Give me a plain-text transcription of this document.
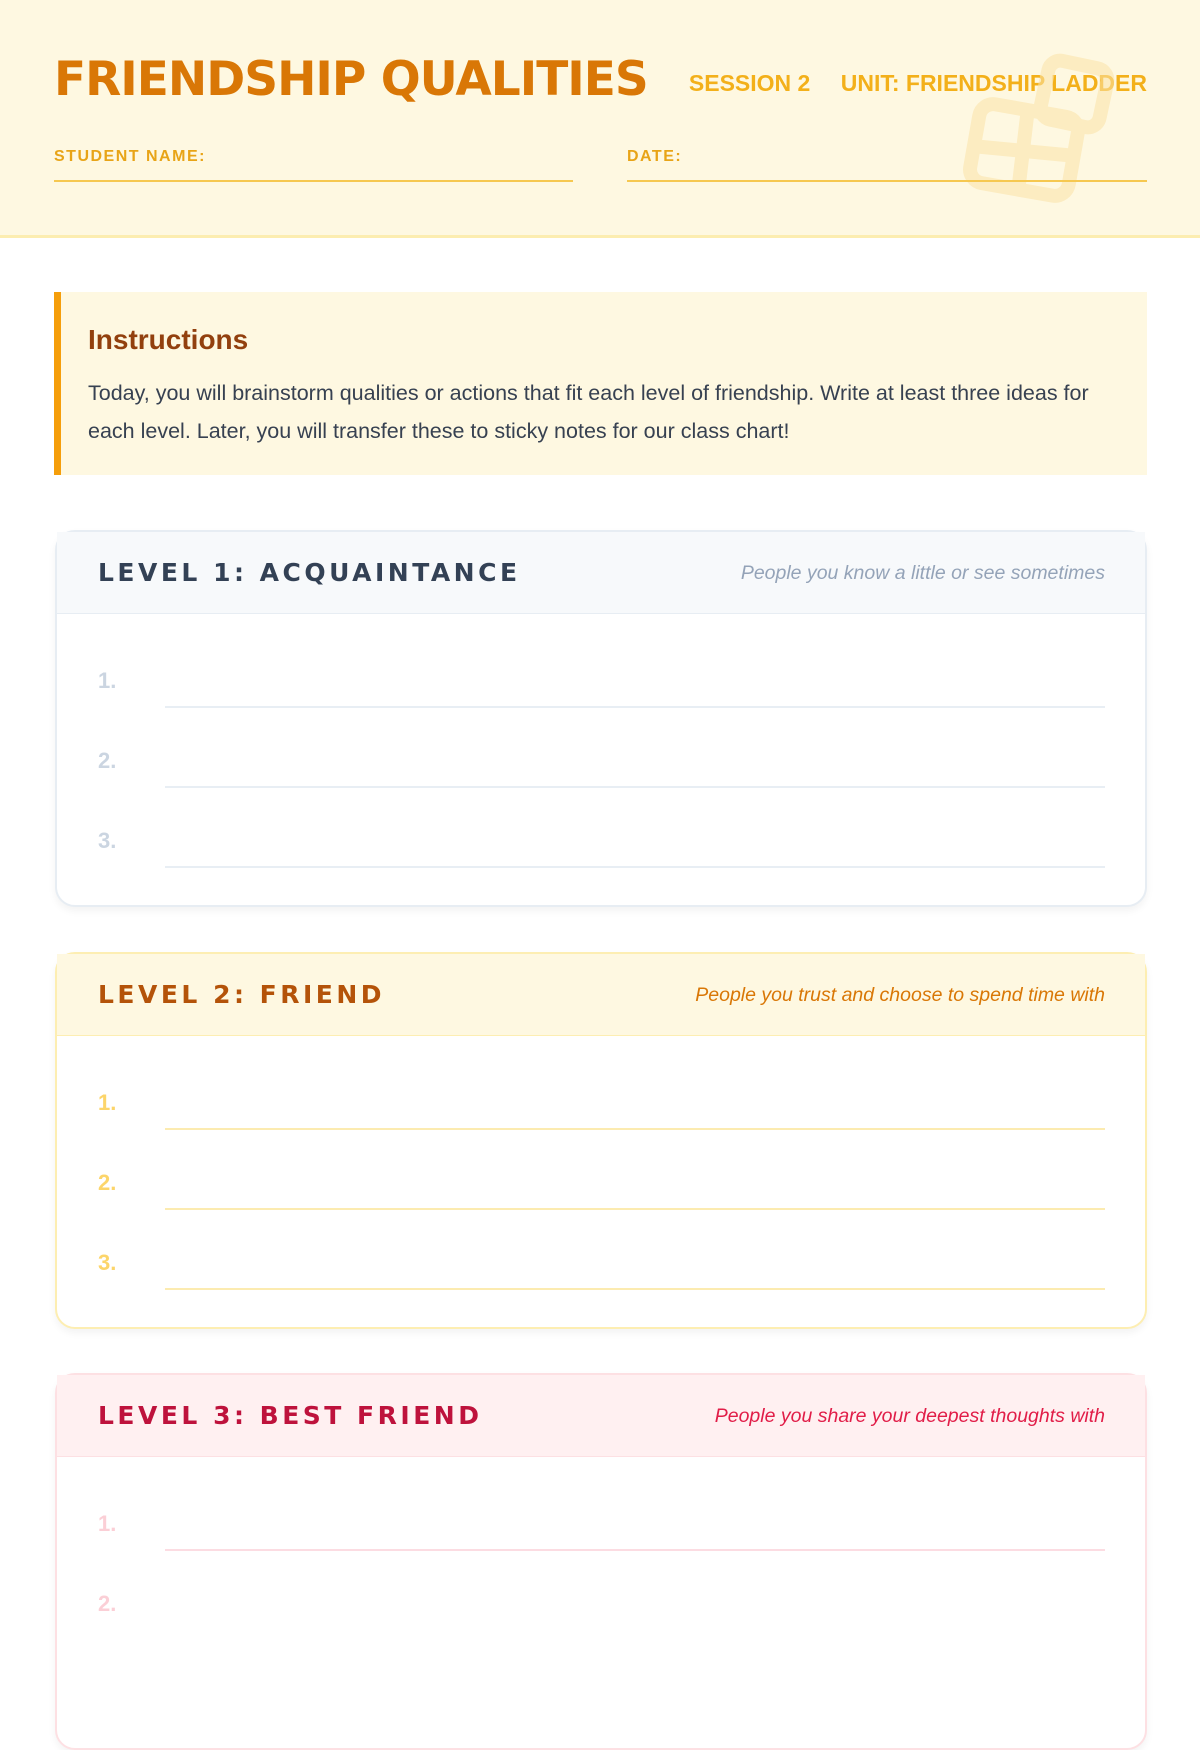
FRIENDSHIP QUALITIES	SESSION 2 UNIT: FRIENDSHIP LADDER
STUDENT NAME:	DATE:
Instructions
Today, you will brainstorm qualities or actions that fit each level of friendship. Write at least three ideas for each level. Later, you will transfer these to sticky notes for our class chart!
LEVEL 1: ACQUAINTANCE	People you know a little or see sometimes
1.
2.
3.
LEVEL 2: FRIEND	People you trust and choose to spend time with
1.
2.
3.
LEVEL 3: BEST FRIEND	People you share your deepest thoughts with
1.
2.
